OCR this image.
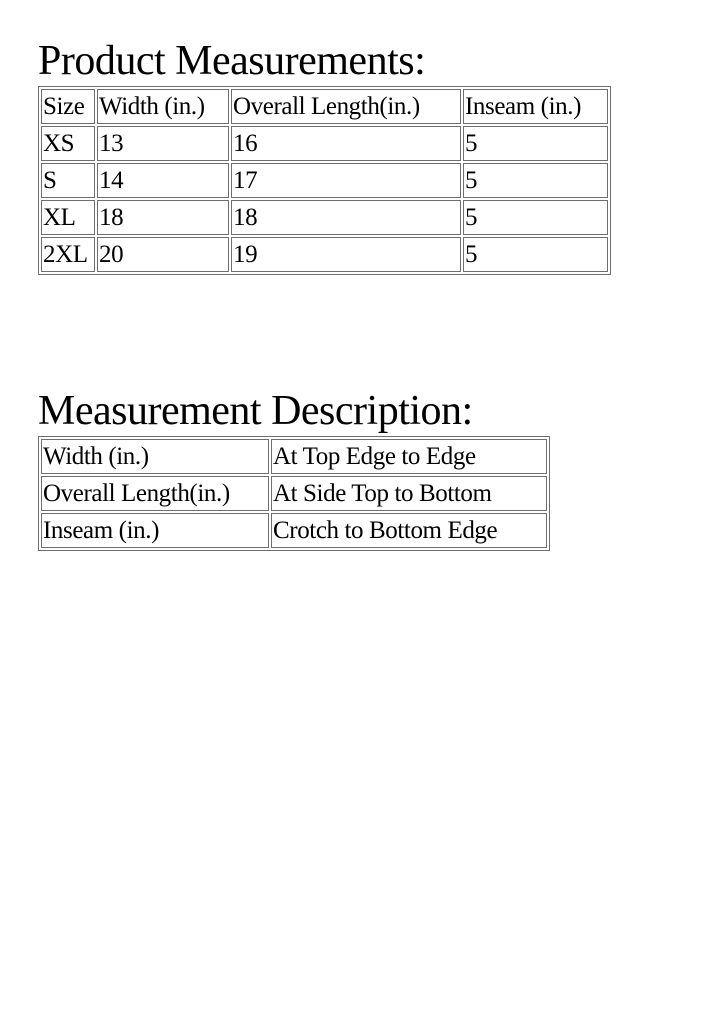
Product Measurements:
Size	Width (in.)	Overall Length(in.)	Inseam (in.)
XS	13	16	5
S	14	17	5
XL	18	18	5
2XL	20	19	5
Measurement Description:
Width (in.)	At Top Edge to Edge
Overall Length(in.)	At Side Top to Bottom
Inseam (in.)	Crotch to Bottom Edge
